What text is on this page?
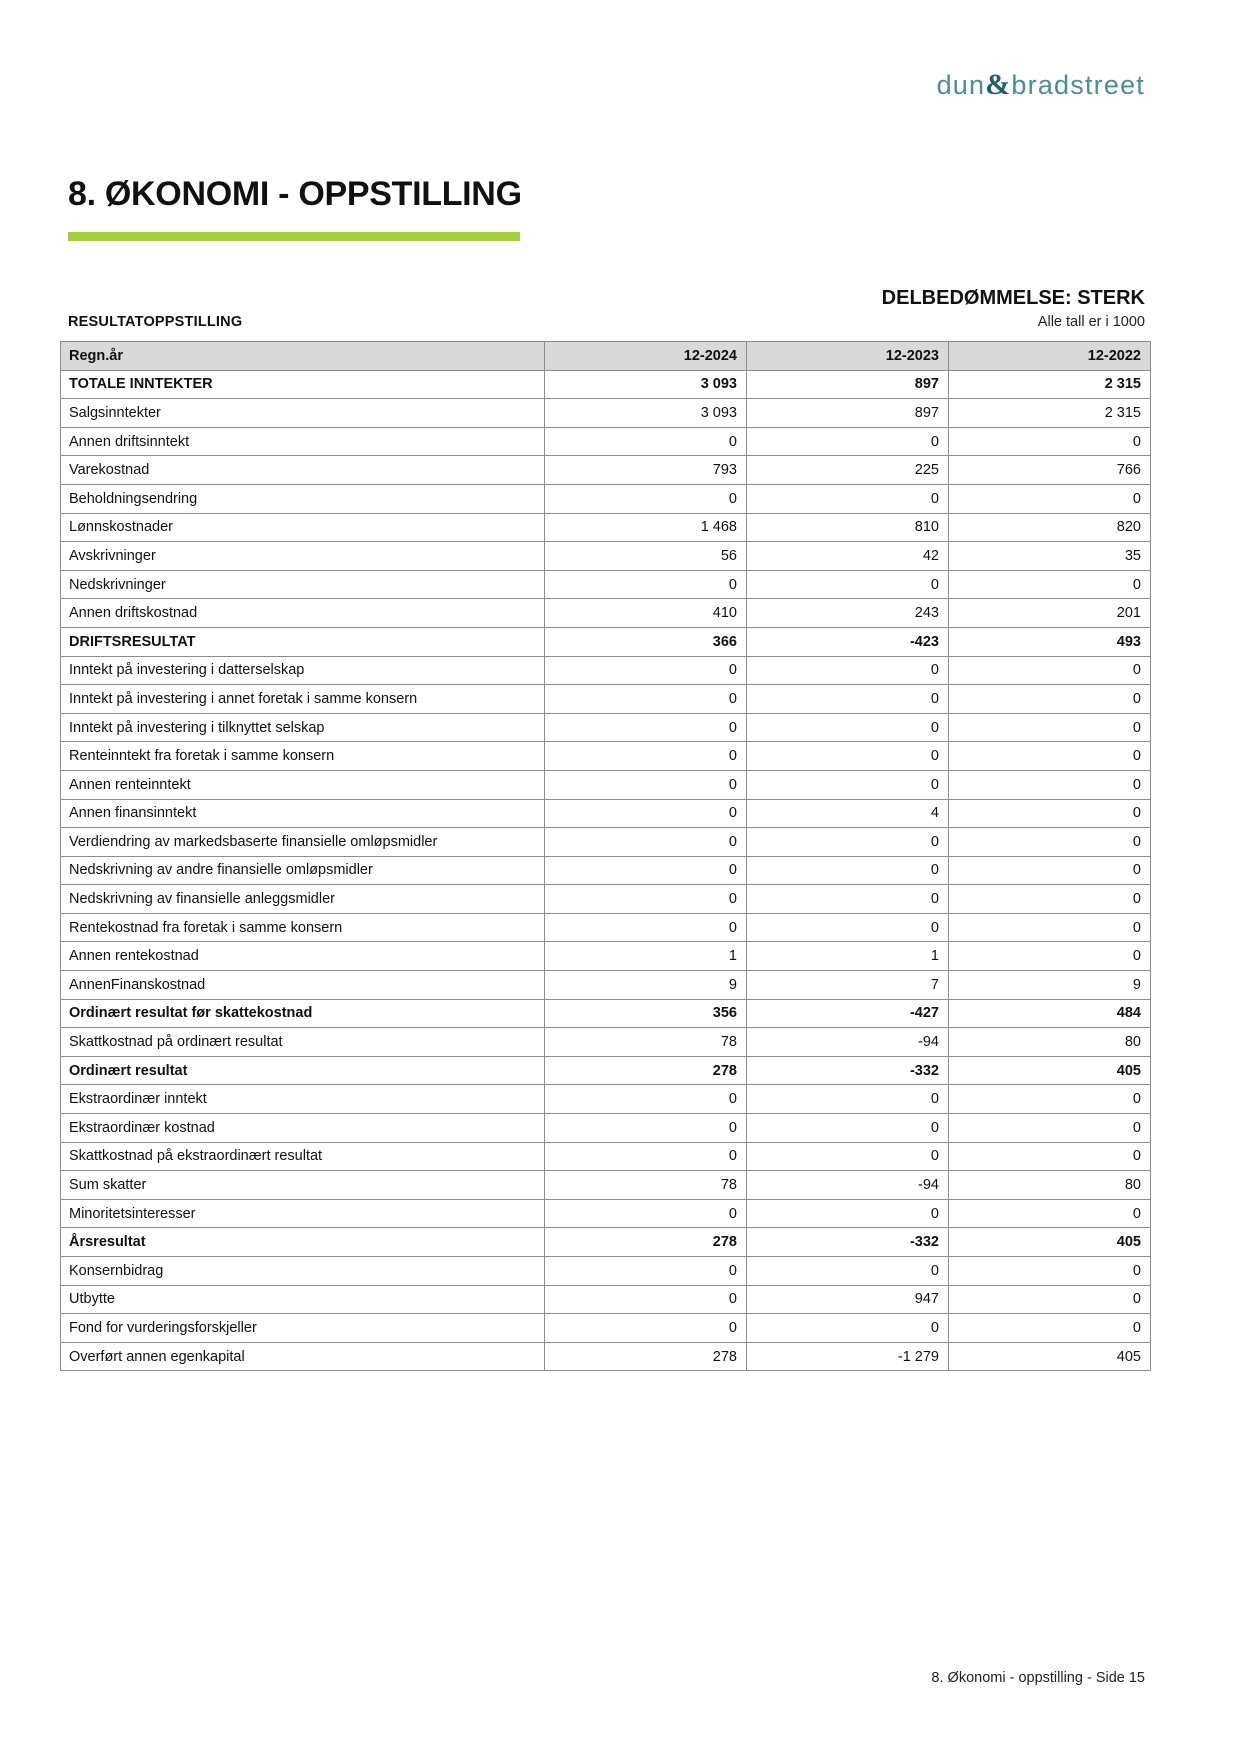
dun&bradstreet
8. ØKONOMI - OPPSTILLING
DELBEDØMMELSE: STERK
RESULTATOPPSTILLING	Alle tall er i 1000
Regn.år	12-2024	12-2023	12-2022
TOTALE INNTEKTER	3 093	897	2 315
Salgsinntekter	3 093	897	2 315
Annen driftsinntekt	0	0	0
Varekostnad	793	225	766
Beholdningsendring	0	0	0
Lønnskostnader	1 468	810	820
Avskrivninger	56	42	35
Nedskrivninger	0	0	0
Annen driftskostnad	410	243	201
DRIFTSRESULTAT	366	-423	493
Inntekt på investering i datterselskap	0	0	0
Inntekt på investering i annet foretak i samme konsern	0	0	0
Inntekt på investering i tilknyttet selskap	0	0	0
Renteinntekt fra foretak i samme konsern	0	0	0
Annen renteinntekt	0	0	0
Annen finansinntekt	0	4	0
Verdiendring av markedsbaserte finansielle omløpsmidler	0	0	0
Nedskrivning av andre finansielle omløpsmidler	0	0	0
Nedskrivning av finansielle anleggsmidler	0	0	0
Rentekostnad fra foretak i samme konsern	0	0	0
Annen rentekostnad	1	1	0
AnnenFinanskostnad	9	7	9
Ordinært resultat før skattekostnad	356	-427	484
Skattkostnad på ordinært resultat	78	-94	80
Ordinært resultat	278	-332	405
Ekstraordinær inntekt	0	0	0
Ekstraordinær kostnad	0	0	0
Skattkostnad på ekstraordinært resultat	0	0	0
Sum skatter	78	-94	80
Minoritetsinteresser	0	0	0
Årsresultat	278	-332	405
Konsernbidrag	0	0	0
Utbytte	0	947	0
Fond for vurderingsforskjeller	0	0	0
Overført annen egenkapital	278	-1 279	405
8. Økonomi - oppstilling - Side 15
